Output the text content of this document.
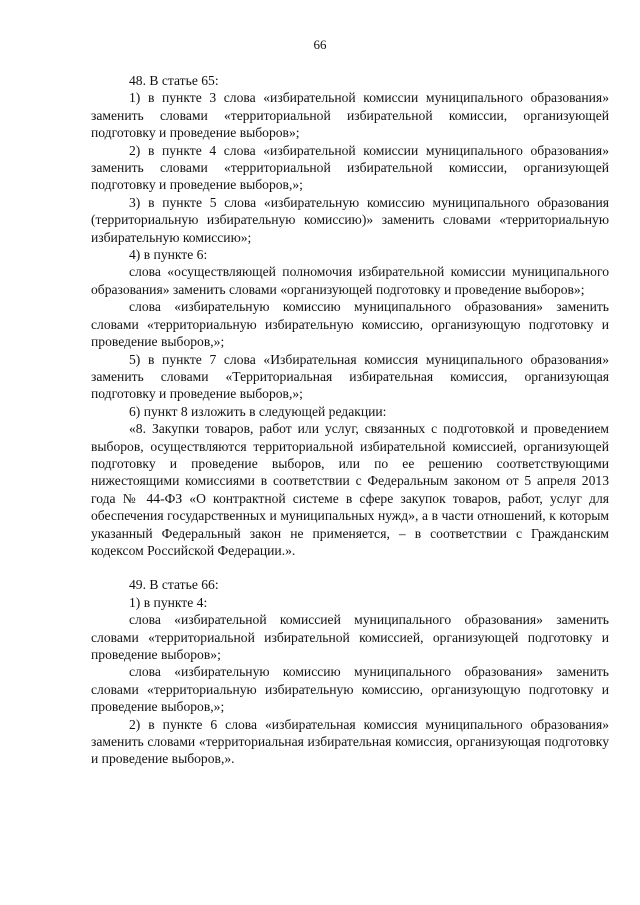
66

48. В статье 65:

1) в пункте 3 слова «избирательной комиссии муниципального образования» заменить словами «территориальной избирательной комиссии, организующей подготовку и проведение выборов»;

2) в пункте 4 слова «избирательной комиссии муниципального образования» заменить словами «территориальной избирательной комиссии, организующей подготовку и проведение выборов,»;

3) в пункте 5 слова «избирательную комиссию муниципального образования (территориальную избирательную комиссию)» заменить словами «территориальную избирательную комиссию»;

4) в пункте 6:

слова «осуществляющей полномочия избирательной комиссии муниципального образования» заменить словами «организующей подготовку и проведение выборов»;

слова «избирательную комиссию муниципального образования» заменить словами «территориальную избирательную комиссию, организующую подготовку и проведение выборов,»;

5) в пункте 7 слова «Избирательная комиссия муниципального образования» заменить словами «Территориальная избирательная комиссия, организующая подготовку и проведение выборов,»;

6) пункт 8 изложить в следующей редакции:

«8. Закупки товаров, работ или услуг, связанных с подготовкой и проведением выборов, осуществляются территориальной избирательной комиссией, организующей подготовку и проведение выборов, или по ее решению соответствующими нижестоящими комиссиями в соответствии с Федеральным законом от 5 апреля 2013 года № 44-ФЗ «О контрактной системе в сфере закупок товаров, работ, услуг для обеспечения государственных и муниципальных нужд», а в части отношений, к которым указанный Федеральный закон не применяется, – в соответствии с Гражданским кодексом Российской Федерации.».

49. В статье 66:

1) в пункте 4:

слова «избирательной комиссией муниципального образования» заменить словами «территориальной избирательной комиссией, организующей подготовку и проведение выборов»;

слова «избирательную комиссию муниципального образования» заменить словами «территориальную избирательную комиссию, организующую подготовку и проведение выборов,»;

2) в пункте 6 слова «избирательная комиссия муниципального образования» заменить словами «территориальная избирательная комиссия, организующая подготовку и проведение выборов,».
